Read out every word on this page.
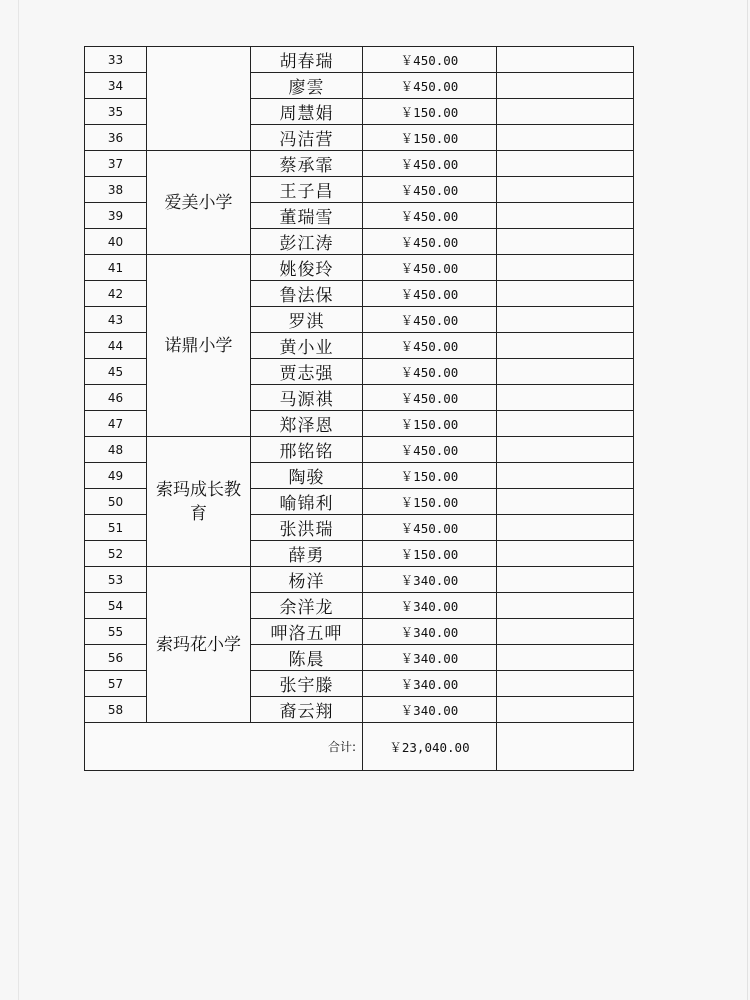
33		胡春瑞	￥450.00	
34		廖雲	￥450.00	
35		周慧娟	￥150.00	
36		冯洁营	￥150.00	
37	爱美小学	蔡承霏	￥450.00	
38		王子昌	￥450.00	
39		董瑞雪	￥450.00	
40		彭江涛	￥450.00	
41	诺鼎小学	姚俊玲	￥450.00	
42		鲁法保	￥450.00	
43		罗淇	￥450.00	
44		黄小业	￥450.00	
45		贾志强	￥450.00	
46		马源祺	￥450.00	
47		郑泽恩	￥150.00	
48	索玛成长教育	邢铭铭	￥450.00	
49		陶骏	￥150.00	
50		喻锦利	￥150.00	
51		张洪瑞	￥450.00	
52		薛勇	￥150.00	
53	索玛花小学	杨洋	￥340.00	
54		余洋龙	￥340.00	
55		呷洛五呷	￥340.00	
56		陈晨	￥340.00	
57		张宇滕	￥340.00	
58		裔云翔	￥340.00	
合计:			￥23,040.00	
